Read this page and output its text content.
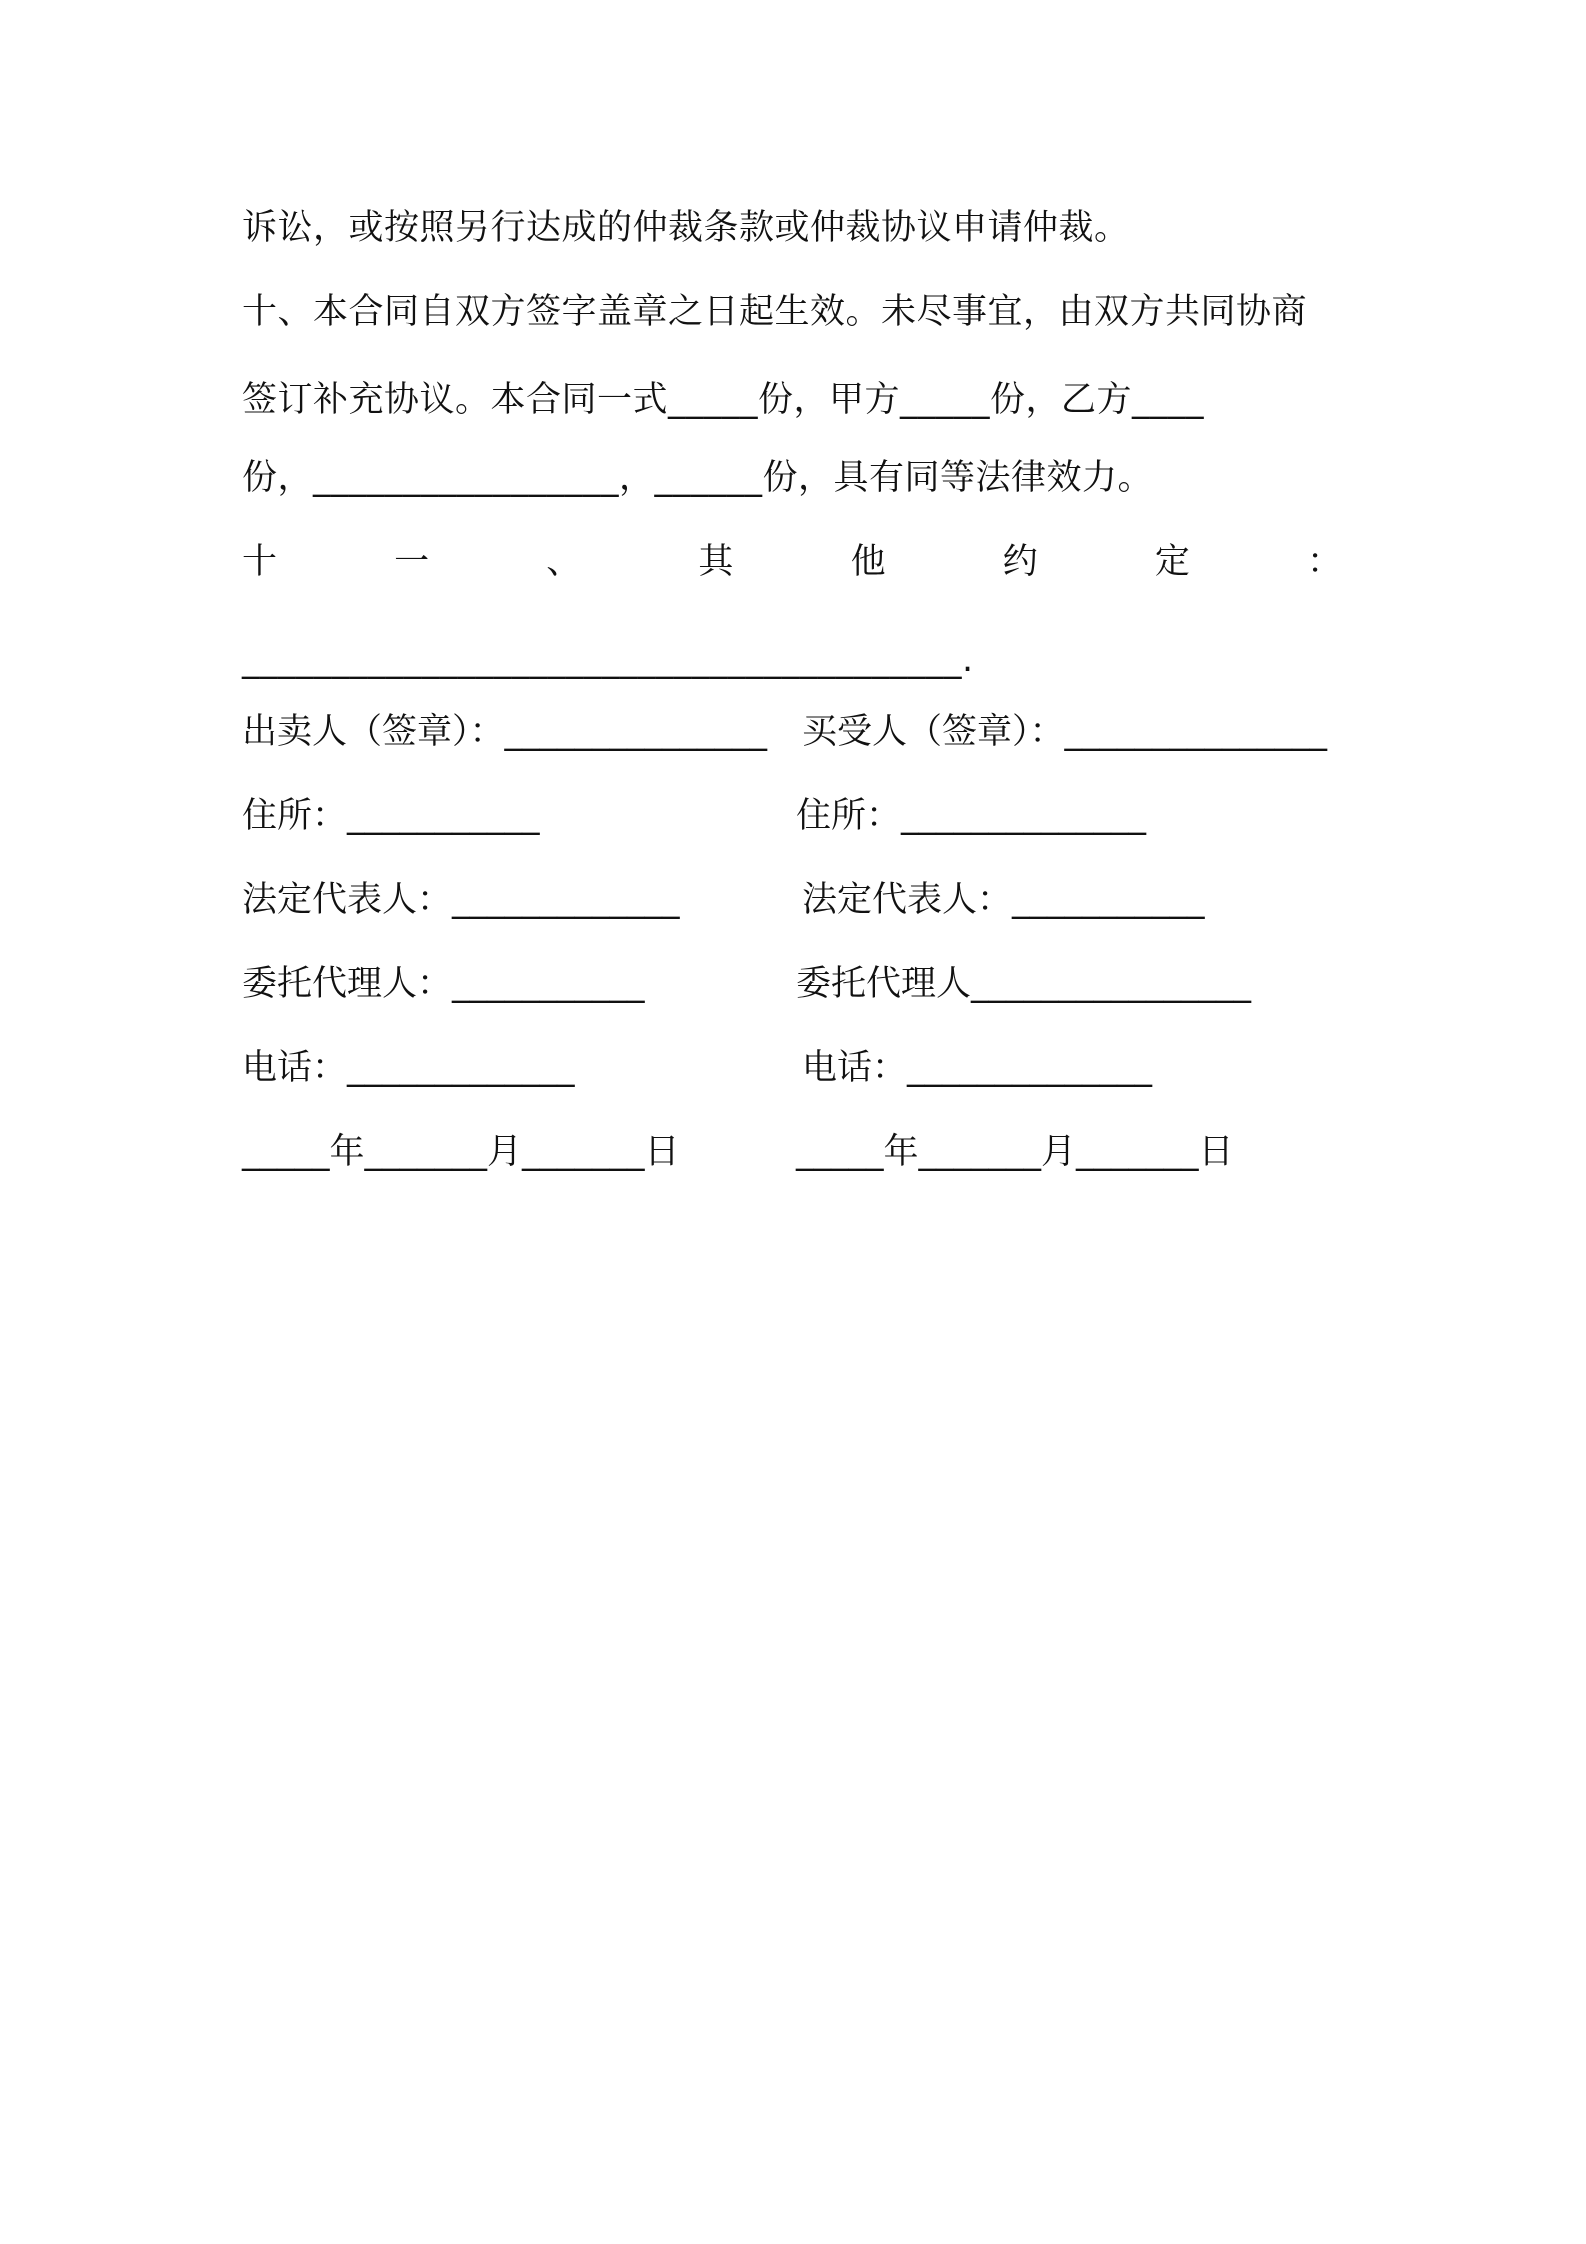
诉讼，或按照另行达成的仲裁条款或仲裁协议申请仲裁。
十、本合同自双方签字盖章之日起生效。未尽事宜，由双方共同协商
签订补充协议。本合同一式_____份，甲方_____份，乙方____
份，_________________，______份，具有同等法律效力。
十	一	、	其	他	约	定	：
________________________________________.
出卖人（签章）：_______________ 买受人（签章）：_______________
住所：___________	住所：______________
法定代表人：_____________	法定代表人：___________
委托代理人：___________	委托代理人________________
电话：_____________	电话：______________
_____年_______月_______日	_____年_______月_______日
